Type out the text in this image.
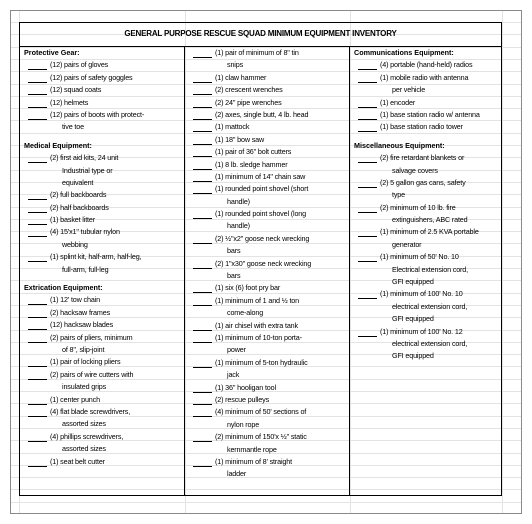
GENERAL PURPOSE RESCUE SQUAD MINIMUM EQUIPMENT INVENTORY
Protective Gear:
(12) pairs of gloves
(12) pairs of safety goggles
(12) squad coats
(12) helmets
(12) pairs of boots with protect-
tive toe
Medical Equipment:
(2) first aid kits, 24 unit
Industrial type or
equivalent
(2) full backboards
(2) half backboards
(1) basket litter
(4) 15'x1" tubular nylon
webbing
(1) splint kit, half-arm, half-leg,
full-arm, full-leg
Extrication Equipment:
(1) 12' tow chain
(2) hacksaw frames
(12) hacksaw blades
(2) pairs of pliers, minimum
of 8", slip-joint
(1) pair of locking pliers
(2) pairs of wire cutters with
insulated grips
(1) center punch
(4) flat blade screwdrivers,
assorted sizes
(4) phillips screwdrivers,
assorted sizes
(1) seat belt cutter
(1) pair of minimum of 8" tin
snips
(1) claw hammer
(2) crescent wrenches
(2) 24" pipe wrenches
(2) axes, single butt, 4 lb. head
(1) mattock
(1) 18" bow saw
(1) pair of 36" bolt cutters
(1) 8 lb. sledge hammer
(1) minimum of 14" chain saw
(1) rounded point shovel (short
handle)
(1) rounded point shovel (long
handle)
(2) ½"x2" goose neck wrecking
bars
(2) 1"x30" goose neck wrecking
bars
(1) six (6) foot pry bar
(1) minimum of 1 and ½ ton
come-along
(1) air chisel with extra tank
(1) minimum of 10-ton porta-
power
(1) minimum of 5-ton hydraulic
jack
(1) 36" hooligan tool
(2) rescue pulleys
(4) minimum of 50' sections of
nylon rope
(2) minimum of 150'x ½" static
kernmantle rope
(1) minimum of 8' straight
ladder
Communications Equipment:
(4) portable (hand-held) radios
(1) mobile radio with antenna
per vehicle
(1) encoder
(1) base station radio w/ antenna
(1) base station radio tower
Miscellaneous Equipment:
(2) fire retardant blankets or
salvage covers
(2) 5 gallon gas cans, safety
type
(2) minimum of 10 lb. fire
extinguishers, ABC rated
(1) minimum of 2.5 KVA portable
generator
(1) minimum of 50' No. 10
Electrical extension cord,
GFI equipped
(1) minimum of 100' No. 10
electrical extension cord,
GFI equipped
(1) minimum of 100' No. 12
electrical extension cord,
GFI equipped
